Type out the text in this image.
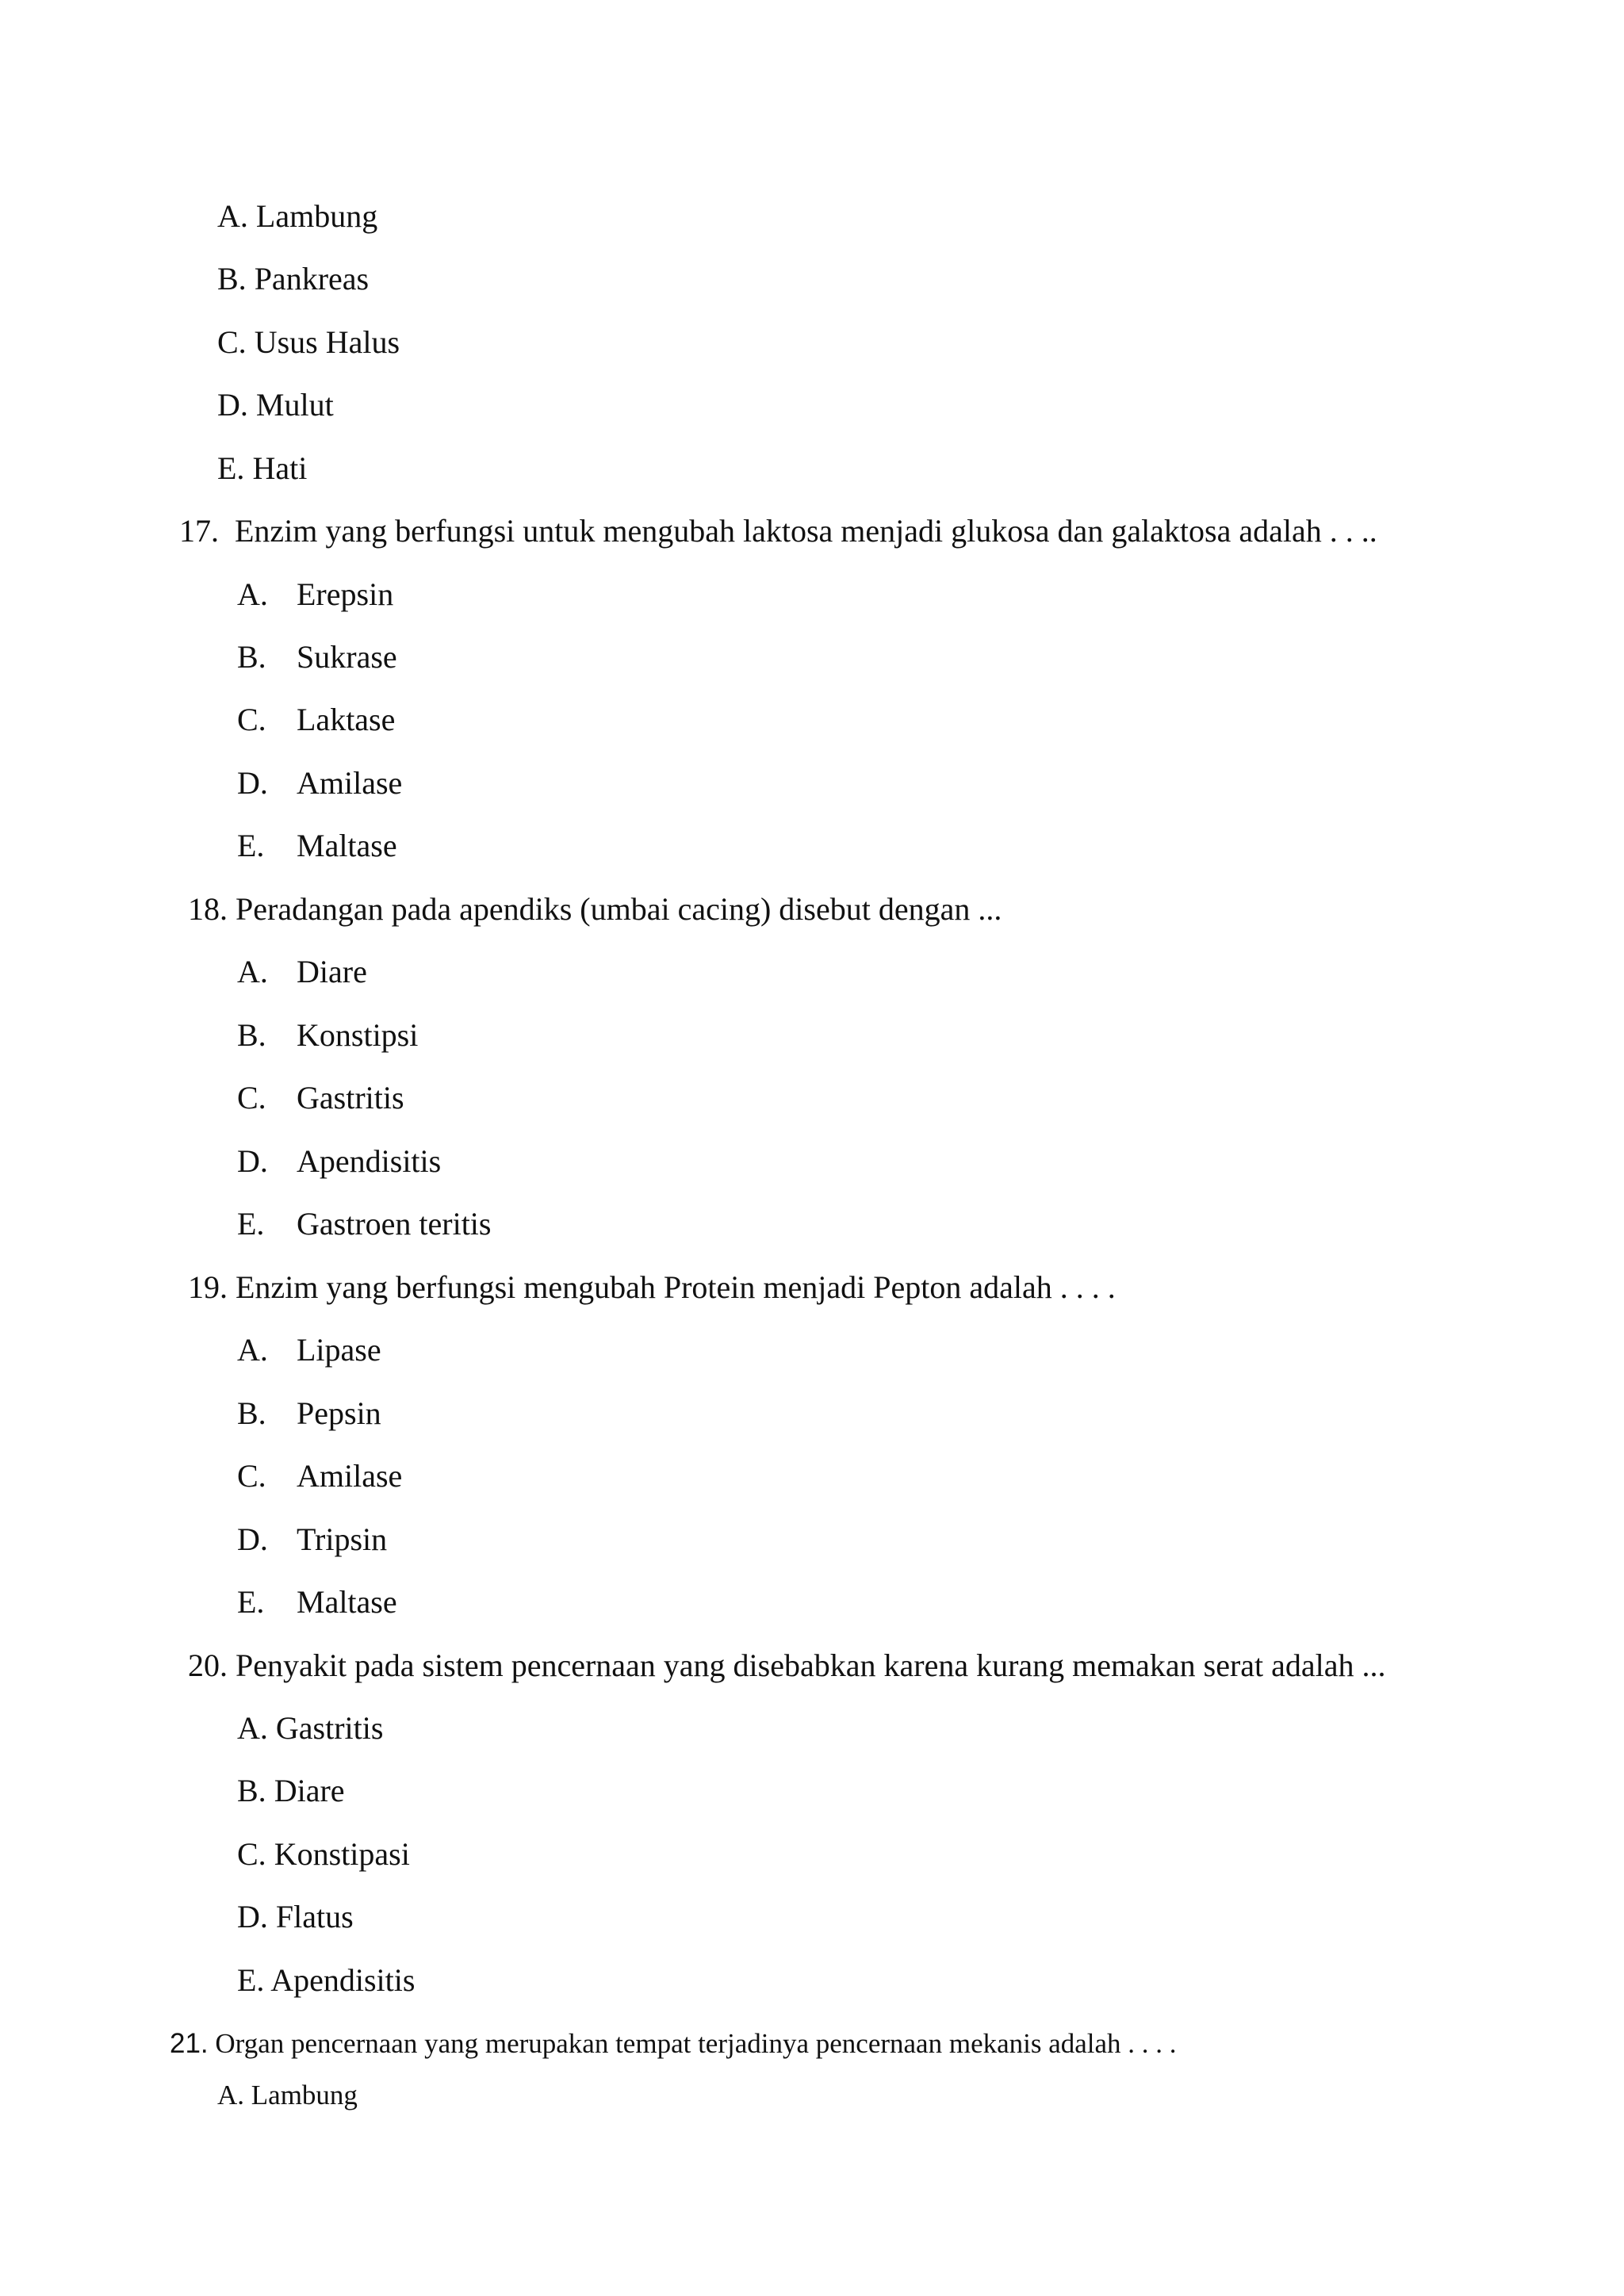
A. Lambung
B. Pankreas
C. Usus Halus
D. Mulut
E. Hati
17. Enzim yang berfungsi untuk mengubah laktosa menjadi glukosa dan galaktosa adalah . . ..
A. Erepsin
B. Sukrase
C. Laktase
D. Amilase
E. Maltase
18. Peradangan pada apendiks (umbai cacing) disebut dengan ...
A. Diare
B. Konstipsi
C. Gastritis
D. Apendisitis
E. Gastroen teritis
19. Enzim yang berfungsi mengubah Protein menjadi Pepton adalah . . . .
A. Lipase
B. Pepsin
C. Amilase
D. Tripsin
E. Maltase
20. Penyakit pada sistem pencernaan yang disebabkan karena kurang memakan serat adalah ...
A. Gastritis
B. Diare
C. Konstipasi
D. Flatus
E. Apendisitis
21. Organ pencernaan yang merupakan tempat terjadinya pencernaan mekanis adalah . . . .
A. Lambung
